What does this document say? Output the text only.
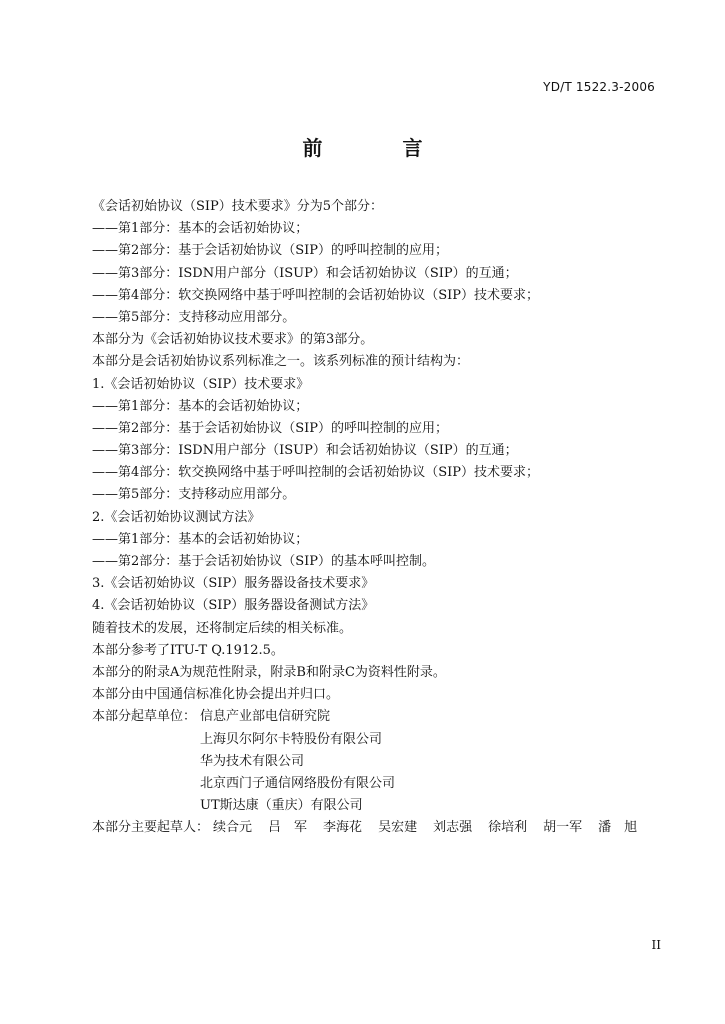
YD/T 1522.3-2006
前　言
《会话初始协议（SIP）技术要求》分为5个部分：
——第1部分：基本的会话初始协议；
——第2部分：基于会话初始协议（SIP）的呼叫控制的应用；
——第3部分：ISDN用户部分（ISUP）和会话初始协议（SIP）的互通；
——第4部分：软交换网络中基于呼叫控制的会话初始协议（SIP）技术要求；
——第5部分：支持移动应用部分。
本部分为《会话初始协议技术要求》的第3部分。
本部分是会话初始协议系列标准之一。该系列标准的预计结构为：
1.《会话初始协议（SIP）技术要求》
——第1部分：基本的会话初始协议；
——第2部分：基于会话初始协议（SIP）的呼叫控制的应用；
——第3部分：ISDN用户部分（ISUP）和会话初始协议（SIP）的互通；
——第4部分：软交换网络中基于呼叫控制的会话初始协议（SIP）技术要求；
——第5部分：支持移动应用部分。
2.《会话初始协议测试方法》
——第1部分：基本的会话初始协议；
——第2部分：基于会话初始协议（SIP）的基本呼叫控制。
3.《会话初始协议（SIP）服务器设备技术要求》
4.《会话初始协议（SIP）服务器设备测试方法》
随着技术的发展，还将制定后续的相关标准。
本部分参考了ITU-T Q.1912.5。
本部分的附录A为规范性附录，附录B和附录C为资料性附录。
本部分由中国通信标准化协会提出并归口。
本部分起草单位： 信息产业部电信研究院
上海贝尔阿尔卡特股份有限公司
华为技术有限公司
北京西门子通信网络股份有限公司
UT斯达康（重庆）有限公司
本部分主要起草人： 续合元 吕　军 李海花 吴宏建 刘志强 徐培利 胡一军 潘　旭
II
